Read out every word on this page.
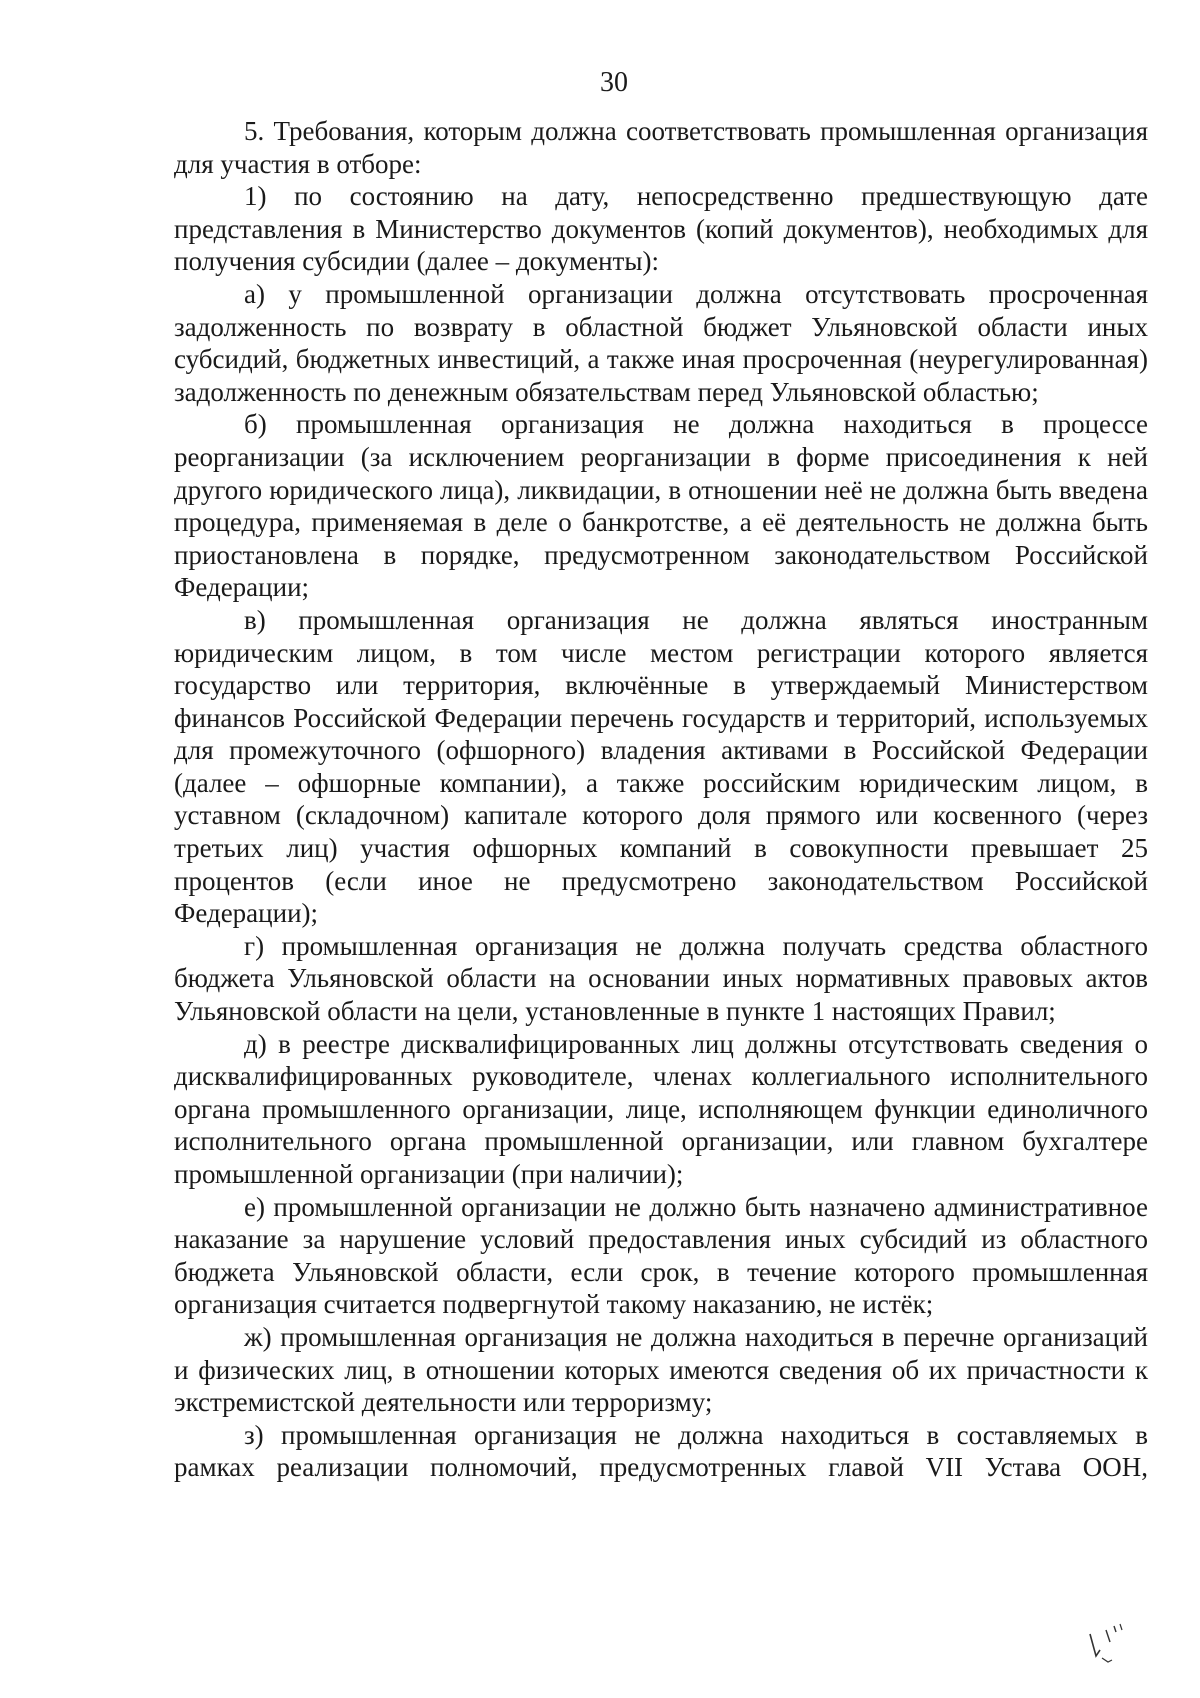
30

5. Требования, которым должна соответствовать промышленная организация для участия в отборе:

1) по состоянию на дату, непосредственно предшествующую дате представления в Министерство документов (копий документов), необходимых для получения субсидии (далее – документы):

а) у промышленной организации должна отсутствовать просроченная задолженность по возврату в областной бюджет Ульяновской области иных субсидий, бюджетных инвестиций, а также иная просроченная (неурегулированная) задолженность по денежным обязательствам перед Ульяновской областью;

б) промышленная организация не должна находиться в процессе реорганизации (за исключением реорганизации в форме присоединения к ней другого юридического лица), ликвидации, в отношении неё не должна быть введена процедура, применяемая в деле о банкротстве, а её деятельность не должна быть приостановлена в порядке, предусмотренном законодательством Российской Федерации;

в) промышленная организация не должна являться иностранным юридическим лицом, в том числе местом регистрации которого является государство или территория, включённые в утверждаемый Министерством финансов Российской Федерации перечень государств и территорий, используемых для промежуточного (офшорного) владения активами в Российской Федерации (далее – офшорные компании), а также российским юридическим лицом, в уставном (складочном) капитале которого доля прямого или косвенного (через третьих лиц) участия офшорных компаний в совокупности превышает 25 процентов (если иное не предусмотрено законодательством Российской Федерации);

г) промышленная организация не должна получать средства областного бюджета Ульяновской области на основании иных нормативных правовых актов Ульяновской области на цели, установленные в пункте 1 настоящих Правил;

д) в реестре дисквалифицированных лиц должны отсутствовать сведения о дисквалифицированных руководителе, членах коллегиального исполнительного органа промышленного организации, лице, исполняющем функции единоличного исполнительного органа промышленной организации, или главном бухгалтере промышленной организации (при наличии);

е) промышленной организации не должно быть назначено административное наказание за нарушение условий предоставления иных субсидий из областного бюджета Ульяновской области, если срок, в течение которого промышленная организация считается подвергнутой такому наказанию, не истёк;

ж) промышленная организация не должна находиться в перечне организаций и физических лиц, в отношении которых имеются сведения об их причастности к экстремистской деятельности или терроризму;

з) промышленная организация не должна находиться в составляемых в рамках реализации полномочий, предусмотренных главой VII Устава ООН,
